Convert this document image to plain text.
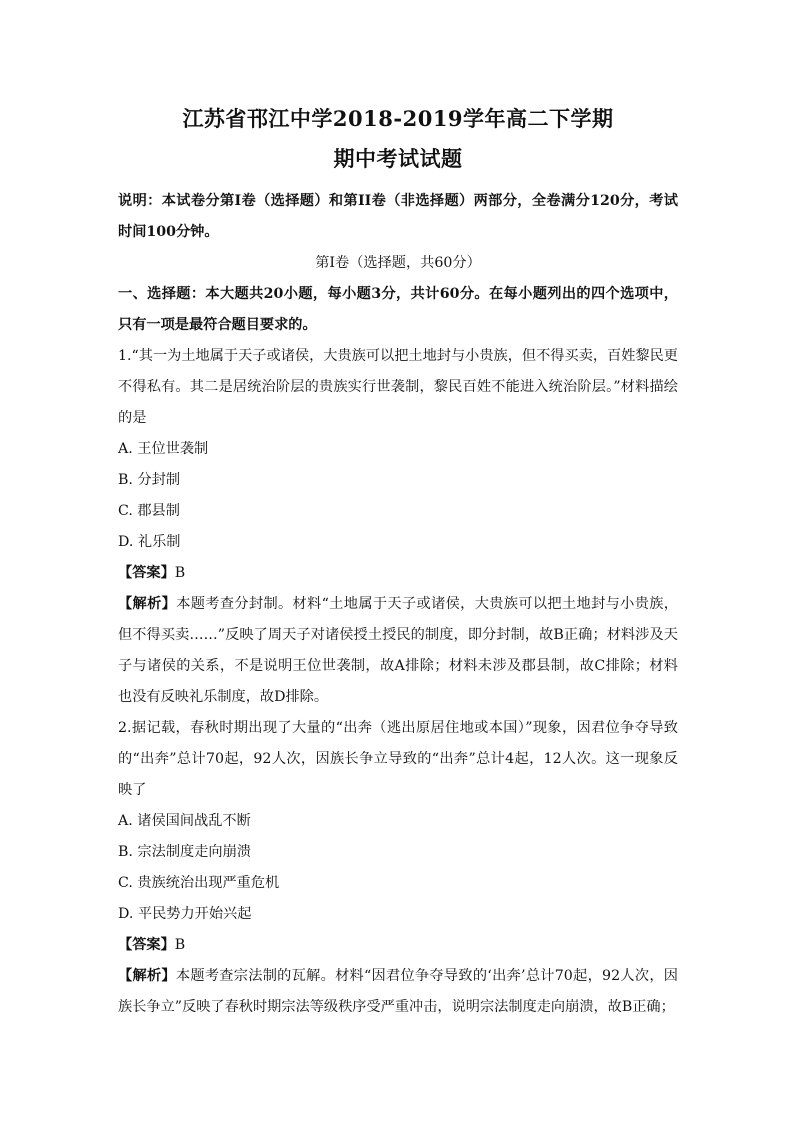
江苏省邗江中学2018-2019学年高二下学期
期中考试试题

说明：本试卷分第I卷（选择题）和第II卷（非选择题）两部分，全卷满分120分，考试时间100分钟。

第I卷（选择题，共60分）

一、选择题：本大题共20小题，每小题3分，共计60分。在每小题列出的四个选项中，只有一项是最符合题目要求的。

1.“其一为土地属于天子或诸侯，大贵族可以把土地封与小贵族，但不得买卖，百姓黎民更不得私有。其二是居统治阶层的贵族实行世袭制，黎民百姓不能进入统治阶层。”材料描绘的是

A. 王位世袭制

B. 分封制

C. 郡县制

D. 礼乐制

【答案】B

【解析】本题考查分封制。材料“土地属于天子或诸侯，大贵族可以把土地封与小贵族，但不得买卖……”反映了周天子对诸侯授土授民的制度，即分封制，故B正确；材料涉及天子与诸侯的关系，不是说明王位世袭制，故A排除；材料未涉及郡县制，故C排除；材料也没有反映礼乐制度，故D排除。

2.据记载，春秋时期出现了大量的“出奔（逃出原居住地或本国）”现象，因君位争夺导致的“出奔”总计70起，92人次，因族长争立导致的“出奔”总计4起，12人次。这一现象反映了

A. 诸侯国间战乱不断

B. 宗法制度走向崩溃

C. 贵族统治出现严重危机

D. 平民势力开始兴起

【答案】B

【解析】本题考查宗法制的瓦解。材料“因君位争夺导致的‘出奔’总计70起，92人次，因族长争立”反映了春秋时期宗法等级秩序受严重冲击，说明宗法制度走向崩溃，故B正确；
